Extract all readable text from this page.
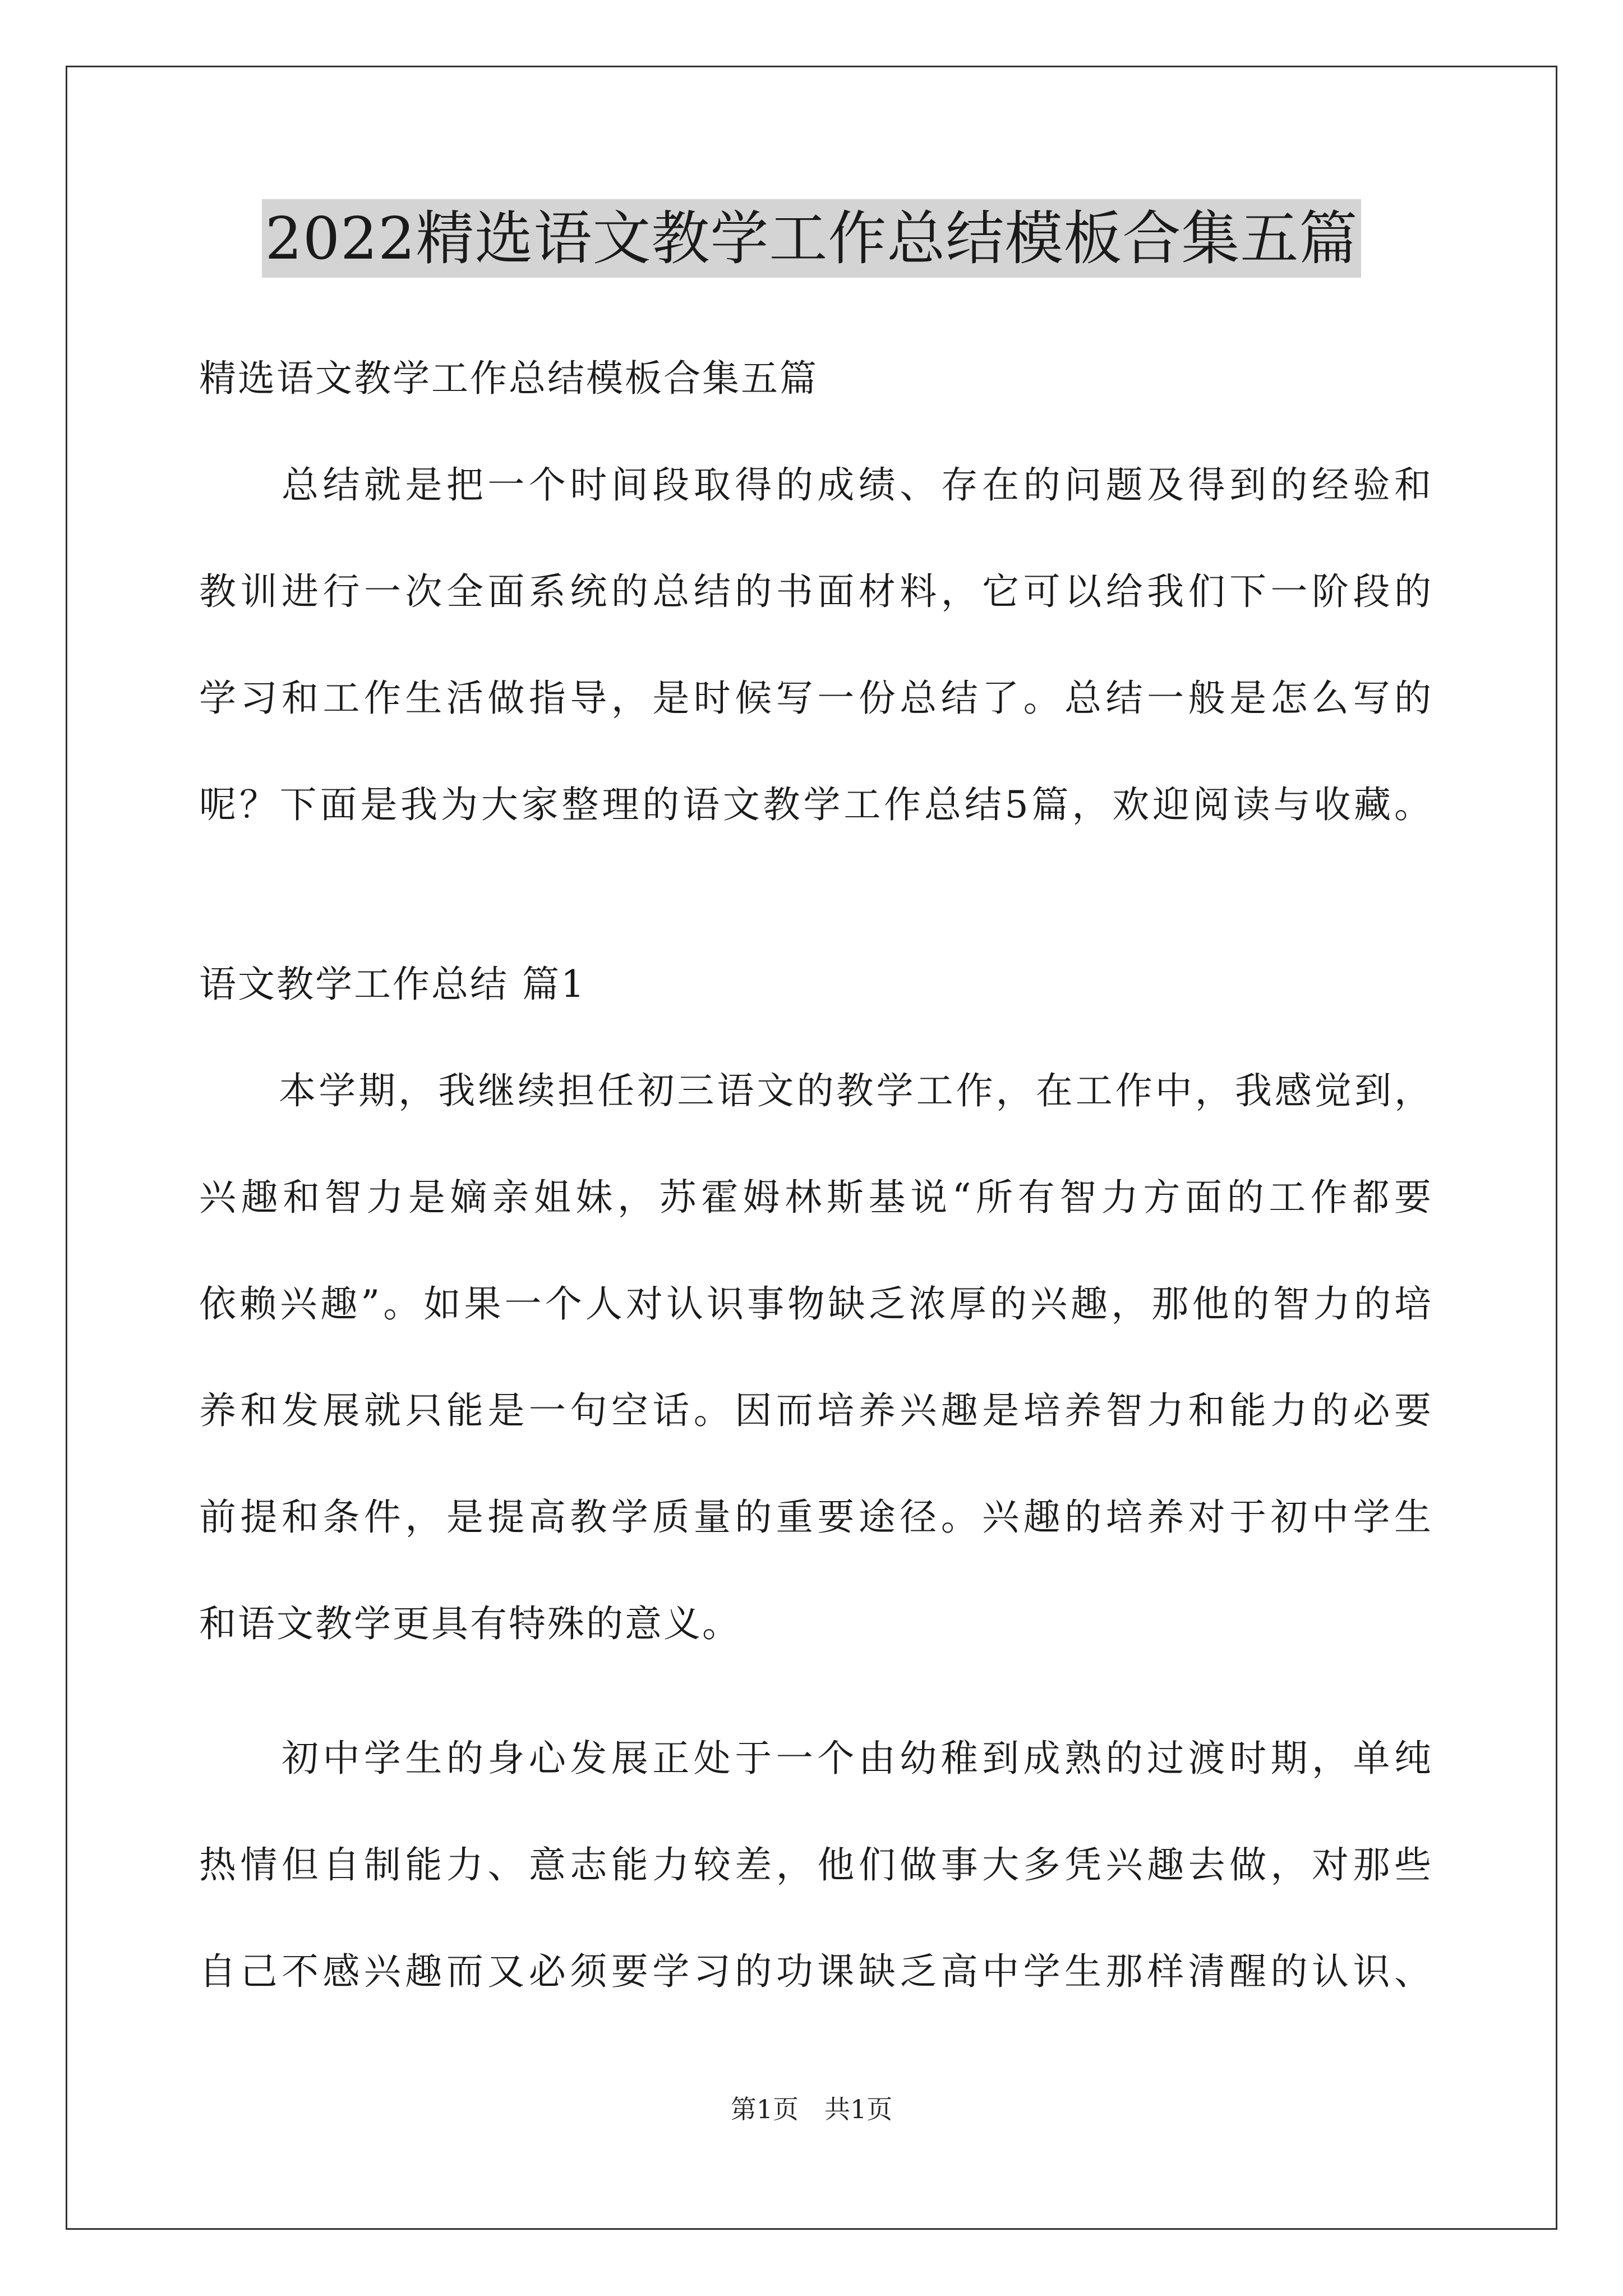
2022精选语文教学工作总结模板合集五篇
精选语文教学工作总结模板合集五篇
　　总结就是把一个时间段取得的成绩、存在的问题及得到的经验和
教训进行一次全面系统的总结的书面材料，它可以给我们下一阶段的
学习和工作生活做指导，是时候写一份总结了。总结一般是怎么写的
呢？下面是我为大家整理的语文教学工作总结5篇，欢迎阅读与收藏。
语文教学工作总结 篇1
　　本学期，我继续担任初三语文的教学工作，在工作中，我感觉到，
兴趣和智力是嫡亲姐妹，苏霍姆林斯基说“所有智力方面的工作都要
依赖兴趣”。如果一个人对认识事物缺乏浓厚的兴趣，那他的智力的培
养和发展就只能是一句空话。因而培养兴趣是培养智力和能力的必要
前提和条件，是提高教学质量的重要途径。兴趣的培养对于初中学生
和语文教学更具有特殊的意义。
　　初中学生的身心发展正处于一个由幼稚到成熟的过渡时期，单纯
热情但自制能力、意志能力较差，他们做事大多凭兴趣去做，对那些
自己不感兴趣而又必须要学习的功课缺乏高中学生那样清醒的认识、
第1页　共1页
